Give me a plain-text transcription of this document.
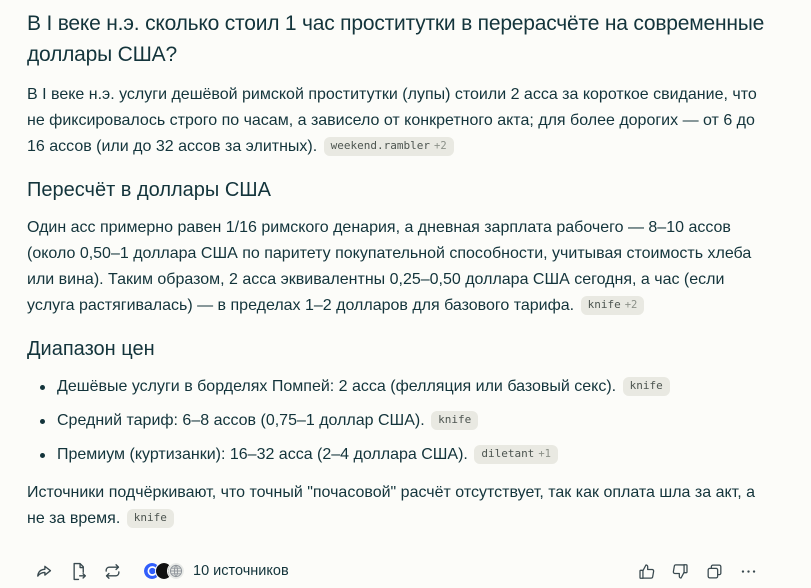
В I веке н.э. сколько стоил 1 час проститутки в перерасчёте на современные доллары США?

В I веке н.э. услуги дешёвой римской проститутки (лупы) стоили 2 асса за короткое свидание, что не фиксировалось строго по часам, а зависело от конкретного акта; для более дорогих — от 6 до 16 ассов (или до 32 ассов за элитных). weekend.rambler +2

Пересчёт в доллары США

Один асс примерно равен 1/16 римского денария, а дневная зарплата рабочего — 8–10 ассов (около 0,50–1 доллара США по паритету покупательной способности, учитывая стоимость хлеба или вина). Таким образом, 2 асса эквивалентны 0,25–0,50 доллара США сегодня, а час (если услуга растягивалась) — в пределах 1–2 долларов для базового тарифа. knife +2

Диапазон цен
Дешёвые услуги в борделях Помпей: 2 асса (фелляция или базовый секс). knife
Средний тариф: 6–8 ассов (0,75–1 доллар США). knife
Премиум (куртизанки): 16–32 асса (2–4 доллара США). diletant +1

Источники подчёркивают, что точный "почасовой" расчёт отсутствует, так как оплата шла за акт, а не за время. knife

10 источников
